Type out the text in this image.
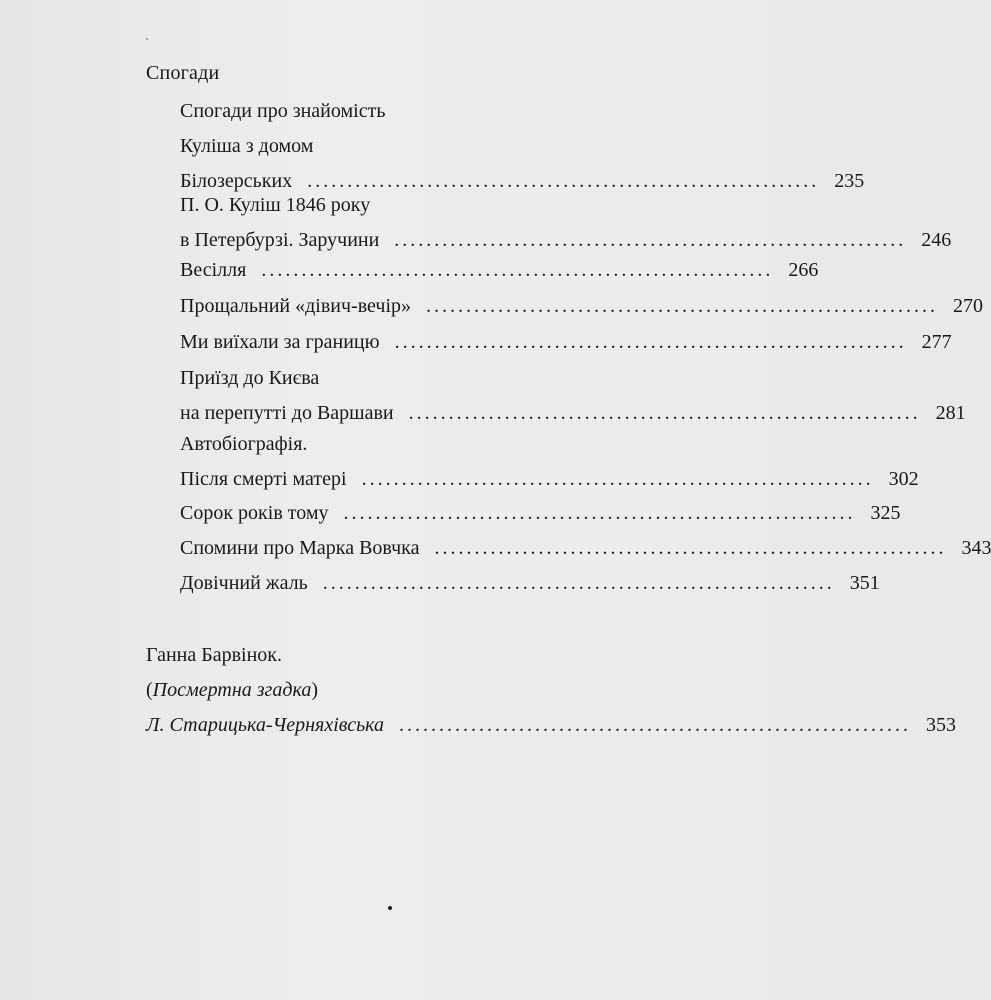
Спогади
Спогади про знайомість
Куліша з домом
Білозерських ................................................................ 235
П. О. Куліш 1846 року
в Петербурзі. Заручини ................................................................ 246
Весілля ................................................................ 266
Прощальний «дівич-вечір» ................................................................ 270
Ми виїхали за границю ................................................................ 277
Приїзд до Києва
на перепутті до Варшави ................................................................ 281
Автобіографія.
Після смерті матері ................................................................ 302
Сорок років тому ................................................................ 325
Спомини про Марка Вовчка ................................................................ 343
Довічний жаль ................................................................ 351
Ганна Барвінок.
(Посмертна згадка)
Л. Старицька-Черняхівська ................................................................ 353
